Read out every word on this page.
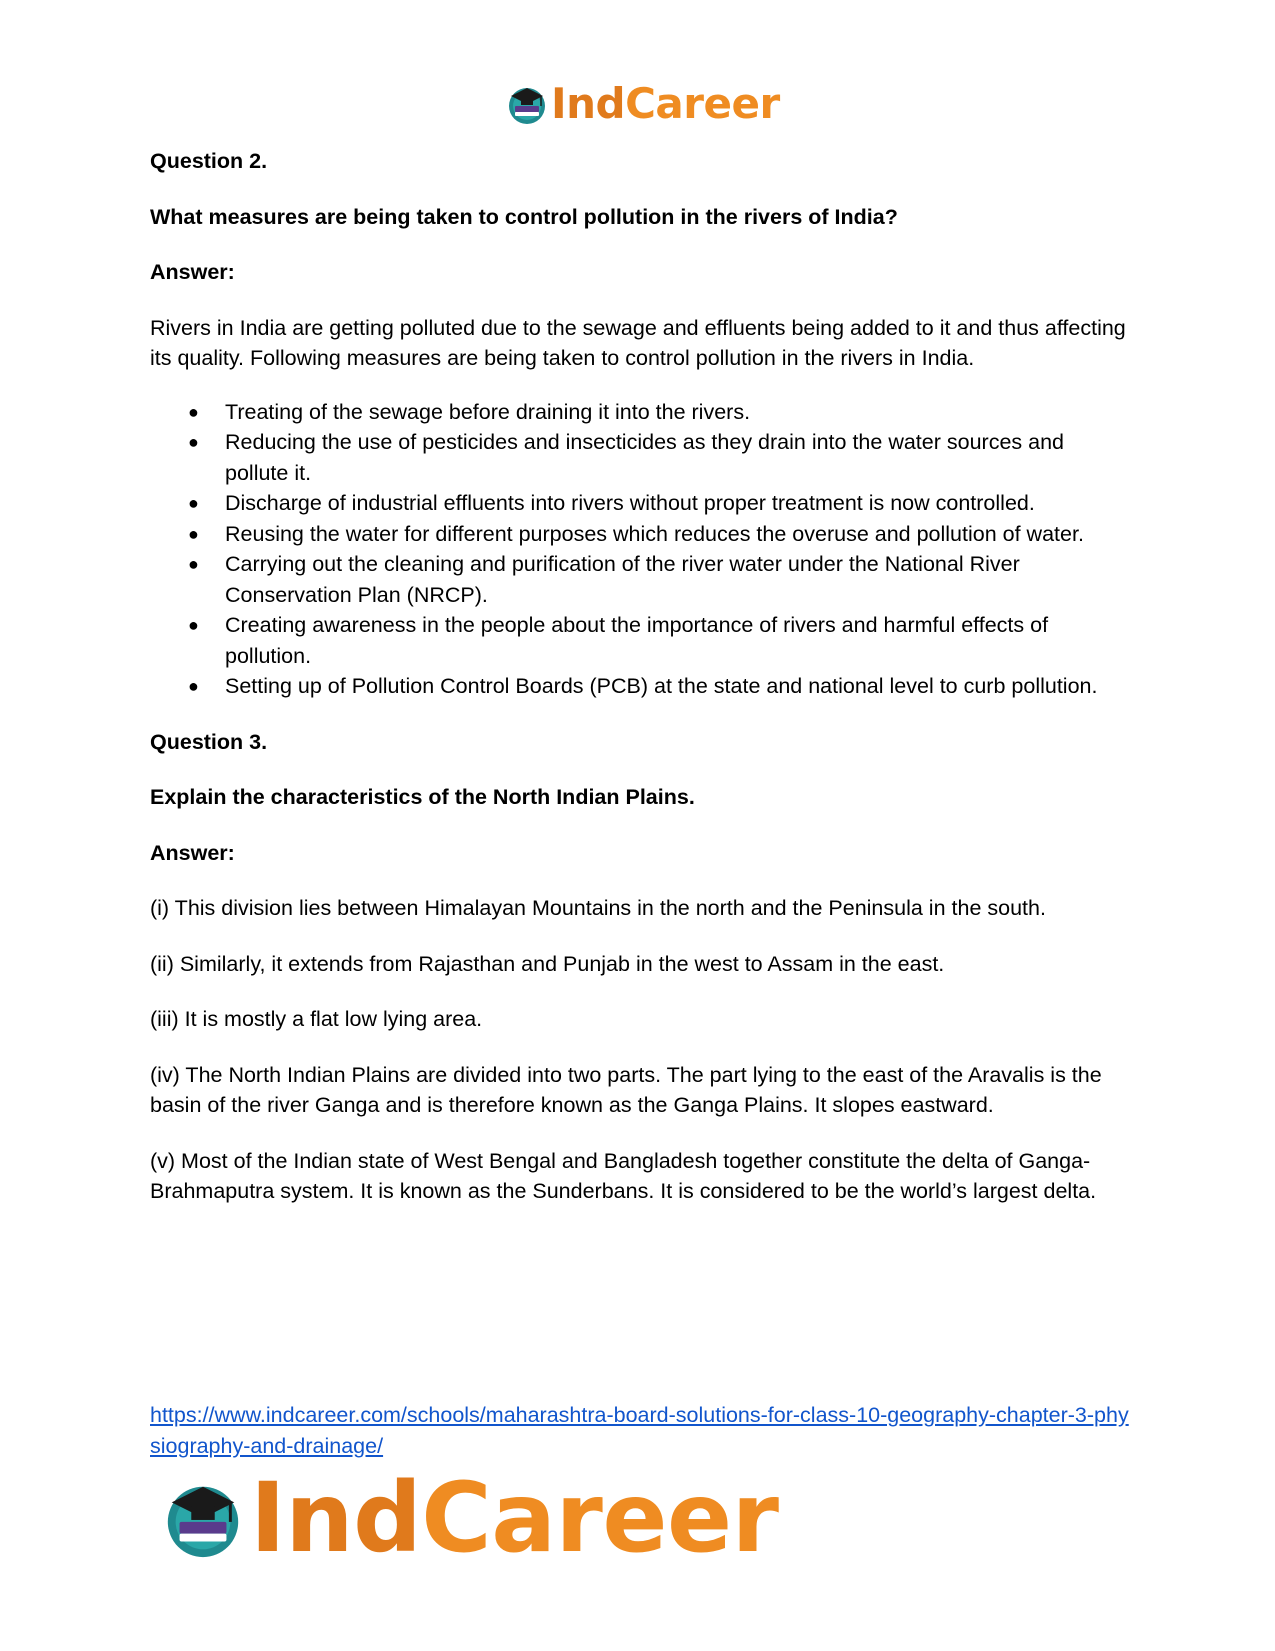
IndCareer

Question 2.

What measures are being taken to control pollution in the rivers of India?

Answer:

Rivers in India are getting polluted due to the sewage and effluents being added to it and thus affecting its quality. Following measures are being taken to control pollution in the rivers in India.

● Treating of the sewage before draining it into the rivers.
● Reducing the use of pesticides and insecticides as they drain into the water sources and pollute it.
● Discharge of industrial effluents into rivers without proper treatment is now controlled.
● Reusing the water for different purposes which reduces the overuse and pollution of water.
● Carrying out the cleaning and purification of the river water under the National River Conservation Plan (NRCP).
● Creating awareness in the people about the importance of rivers and harmful effects of pollution.
● Setting up of Pollution Control Boards (PCB) at the state and national level to curb pollution.

Question 3.

Explain the characteristics of the North Indian Plains.

Answer:

(i) This division lies between Himalayan Mountains in the north and the Peninsula in the south.

(ii) Similarly, it extends from Rajasthan and Punjab in the west to Assam in the east.

(iii) It is mostly a flat low lying area.

(iv) The North Indian Plains are divided into two parts. The part lying to the east of the Aravalis is the basin of the river Ganga and is therefore known as the Ganga Plains. It slopes eastward.

(v) Most of the Indian state of West Bengal and Bangladesh together constitute the delta of Ganga-Brahmaputra system. It is known as the Sunderbans. It is considered to be the world’s largest delta.

https://www.indcareer.com/schools/maharashtra-board-solutions-for-class-10-geography-chapter-3-physiography-and-drainage/
IndCareer
